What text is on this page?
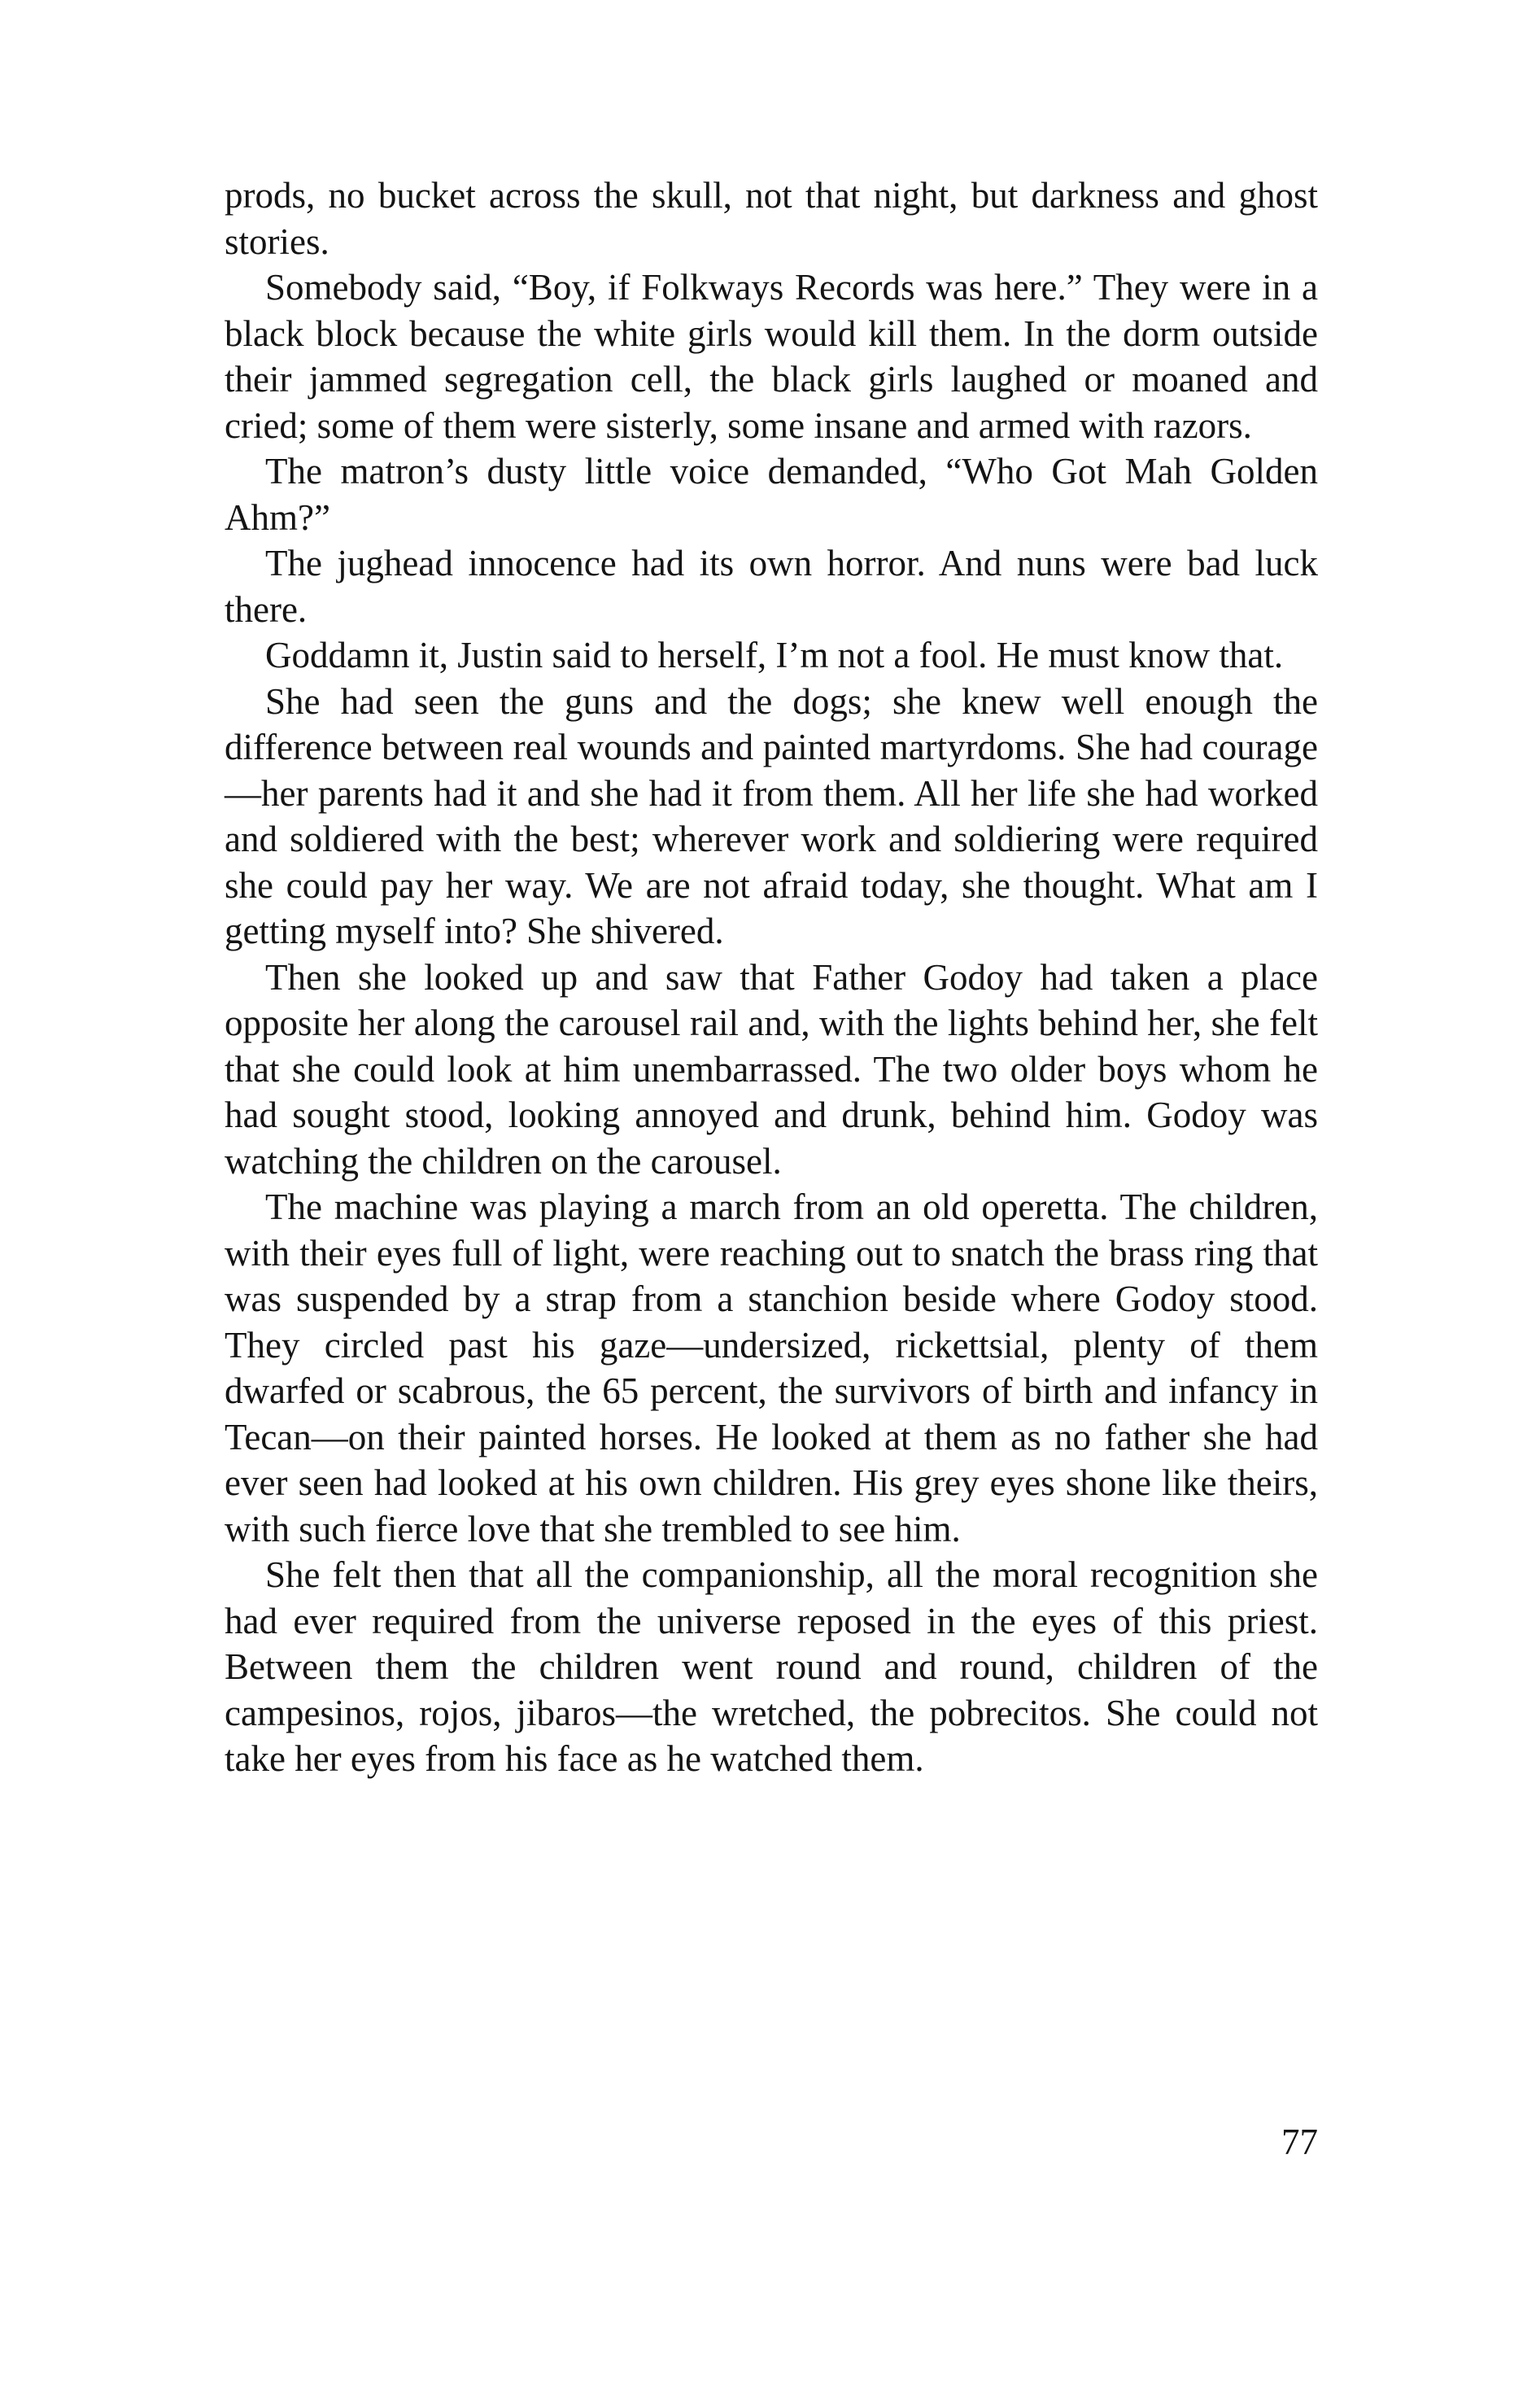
prods, no bucket across the skull, not that night, but darkness and ghost stories.

Somebody said, “Boy, if Folkways Records was here.” They were in a black block because the white girls would kill them. In the dorm outside their jammed segregation cell, the black girls laughed or moaned and cried; some of them were sisterly, some insane and armed with razors.

The matron’s dusty little voice demanded, “Who Got Mah Golden Ahm?”

The jughead innocence had its own horror. And nuns were bad luck there.

Goddamn it, Justin said to herself, I’m not a fool. He must know that.

She had seen the guns and the dogs; she knew well enough the difference between real wounds and painted martyrdoms. She had courage—her parents had it and she had it from them. All her life she had worked and soldiered with the best; wherever work and soldiering were required she could pay her way. We are not afraid today, she thought. What am I getting myself into? She shivered.

Then she looked up and saw that Father Godoy had taken a place opposite her along the carousel rail and, with the lights behind her, she felt that she could look at him unembarrassed. The two older boys whom he had sought stood, looking annoyed and drunk, behind him. Godoy was watching the children on the carousel.

The machine was playing a march from an old operetta. The children, with their eyes full of light, were reaching out to snatch the brass ring that was suspended by a strap from a stanchion beside where Godoy stood. They circled past his gaze—undersized, rickettsial, plenty of them dwarfed or scabrous, the 65 percent, the survivors of birth and infancy in Tecan—on their painted horses. He looked at them as no father she had ever seen had looked at his own children. His grey eyes shone like theirs, with such fierce love that she trembled to see him.

She felt then that all the companionship, all the moral recognition she had ever required from the universe reposed in the eyes of this priest. Between them the children went round and round, children of the campesinos, rojos, jibaros—the wretched, the pobrecitos. She could not take her eyes from his face as he watched them.

77
